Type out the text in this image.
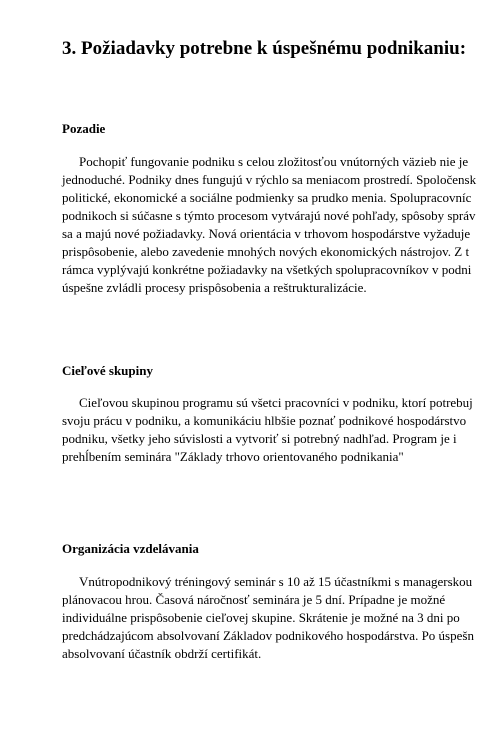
3. Požiadavky potrebne k úspešnému podnikaniu:
Pozadie
Pochopiť fungovanie podniku s celou zložitosťou vnútorných väzieb nie je
jednoduché. Podniky dnes fungujú v rýchlo sa meniacom prostredí. Spoločensk
politické, ekonomické a sociálne podmienky sa prudko menia. Spolupracovníc
podnikoch si súčasne s týmto procesom vytvárajú nové pohľady, spôsoby správ
sa a majú nové požiadavky. Nová orientácia v trhovom hospodárstve vyžaduje
prispôsobenie, alebo zavedenie mnohých nových ekonomických nástrojov. Z t
rámca vyplývajú konkrétne požiadavky na všetkých spolupracovníkov v podni
úspešne zvládli procesy prispôsobenia a reštrukturalizácie.
Cieľové skupiny
Cieľovou skupinou programu sú všetci pracovníci v podniku, ktorí potrebuj
svoju prácu v podniku, a komunikáciu hlbšie poznať podnikové hospodárstvo
podniku, všetky jeho súvislosti a vytvoriť si potrebný nadhľad. Program je i
prehĺbením seminára "Základy trhovo orientovaného podnikania"
Organizácia vzdelávania
Vnútropodnikový tréningový seminár s 10 až 15 účastníkmi s managerskou
plánovacou hrou. Časová náročnosť seminára je 5 dní. Prípadne je možné
individuálne prispôsobenie cieľovej skupine. Skrátenie je možné na 3 dni po
predchádzajúcom absolvovaní Základov podnikového hospodárstva. Po úspešn
absolvovaní účastník obdrží certifikát.
